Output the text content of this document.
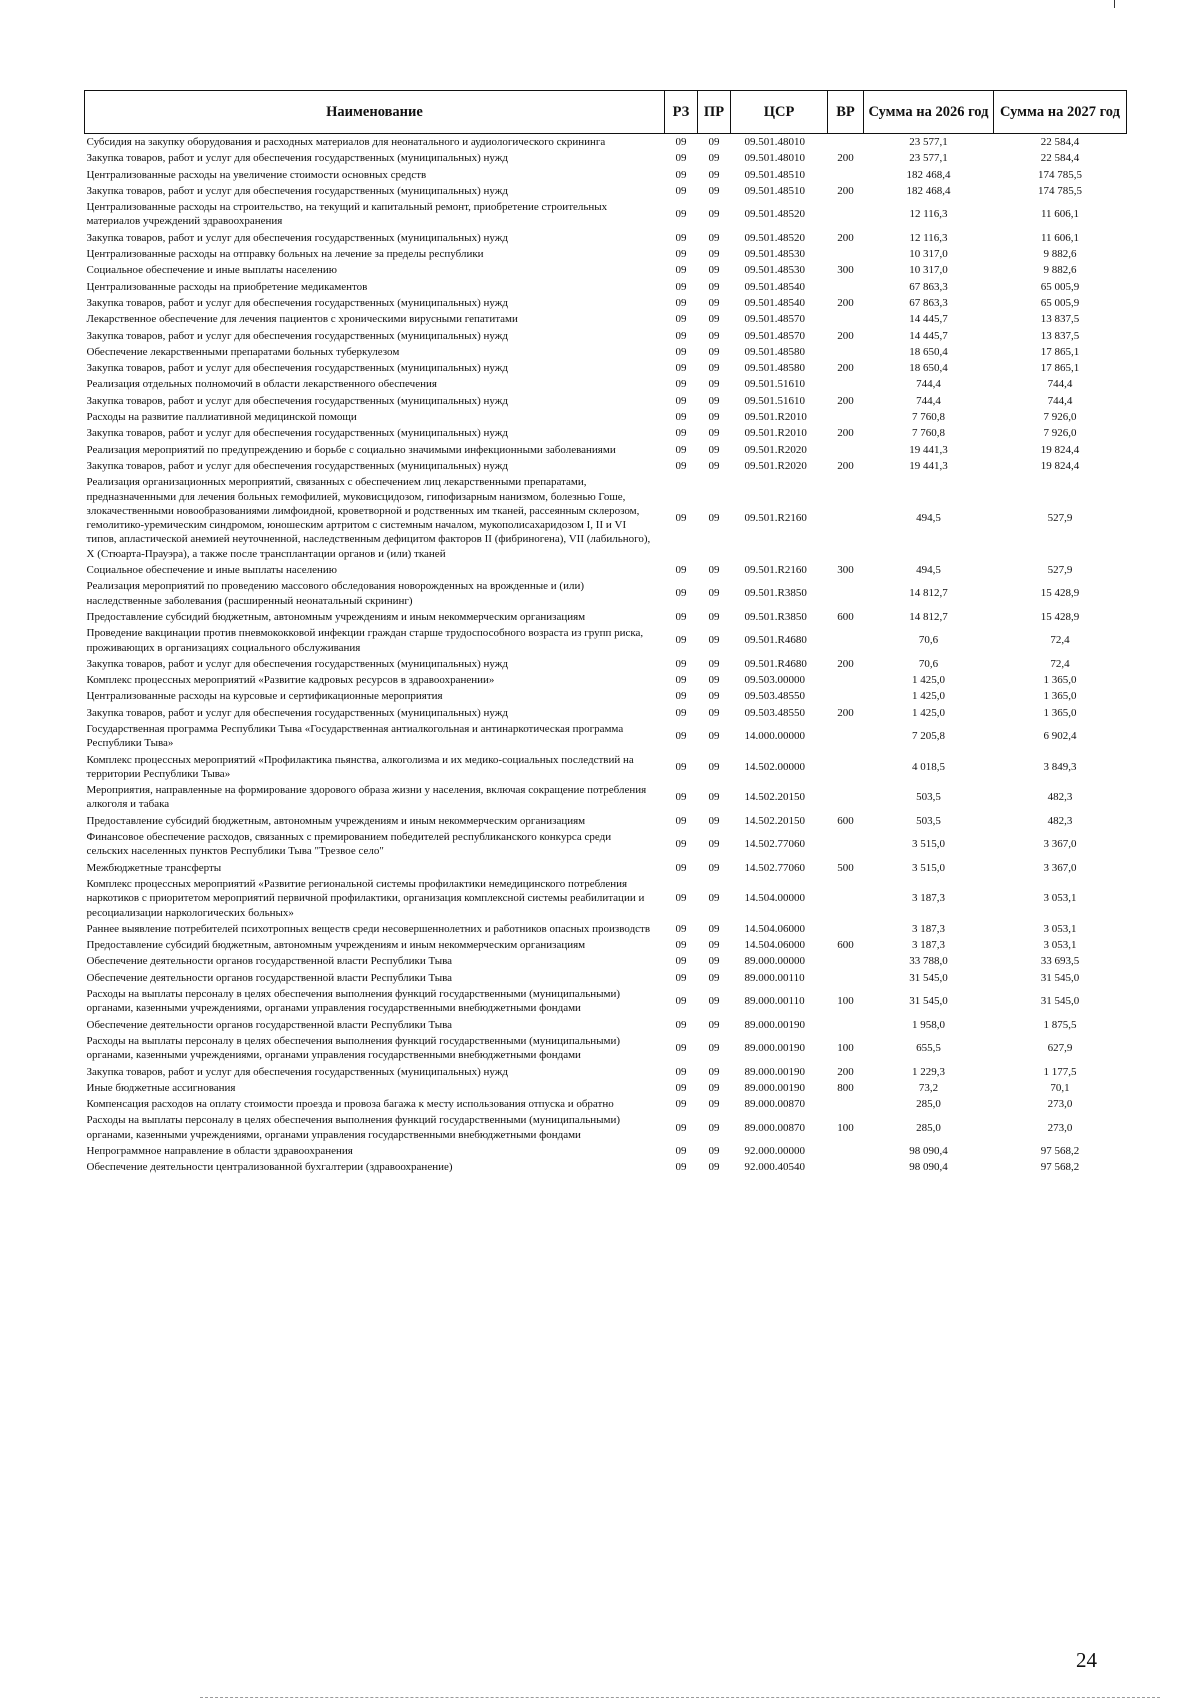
Наименование	РЗ	ПР	ЦСР	ВР	Сумма на 2026 год	Сумма на 2027 год
Субсидия на закупку оборудования и расходных материалов для неонатального и аудиологического скрининга	09	09	09.501.48010		23 577,1	22 584,4
Закупка товаров, работ и услуг для обеспечения государственных (муниципальных) нужд	09	09	09.501.48010	200	23 577,1	22 584,4
Централизованные расходы на увеличение стоимости основных средств	09	09	09.501.48510		182 468,4	174 785,5
Закупка товаров, работ и услуг для обеспечения государственных (муниципальных) нужд	09	09	09.501.48510	200	182 468,4	174 785,5
Централизованные расходы на строительство, на текущий и капитальный ремонт, приобретение строительных материалов учреждений здравоохранения	09	09	09.501.48520		12 116,3	11 606,1
Закупка товаров, работ и услуг для обеспечения государственных (муниципальных) нужд	09	09	09.501.48520	200	12 116,3	11 606,1
Централизованные расходы на отправку больных на лечение за пределы республики	09	09	09.501.48530		10 317,0	9 882,6
Социальное обеспечение и иные выплаты населению	09	09	09.501.48530	300	10 317,0	9 882,6
Централизованные расходы на приобретение медикаментов	09	09	09.501.48540		67 863,3	65 005,9
Закупка товаров, работ и услуг для обеспечения государственных (муниципальных) нужд	09	09	09.501.48540	200	67 863,3	65 005,9
Лекарственное обеспечение для лечения пациентов с хроническими вирусными гепатитами	09	09	09.501.48570		14 445,7	13 837,5
Закупка товаров, работ и услуг для обеспечения государственных (муниципальных) нужд	09	09	09.501.48570	200	14 445,7	13 837,5
Обеспечение лекарственными препаратами больных туберкулезом	09	09	09.501.48580		18 650,4	17 865,1
Закупка товаров, работ и услуг для обеспечения государственных (муниципальных) нужд	09	09	09.501.48580	200	18 650,4	17 865,1
Реализация отдельных полномочий в области лекарственного обеспечения	09	09	09.501.51610		744,4	744,4
Закупка товаров, работ и услуг для обеспечения государственных (муниципальных) нужд	09	09	09.501.51610	200	744,4	744,4
Расходы на развитие паллиативной медицинской помощи	09	09	09.501.R2010		7 760,8	7 926,0
Закупка товаров, работ и услуг для обеспечения государственных (муниципальных) нужд	09	09	09.501.R2010	200	7 760,8	7 926,0
Реализация мероприятий по предупреждению и борьбе с социально значимыми инфекционными заболеваниями	09	09	09.501.R2020		19 441,3	19 824,4
Закупка товаров, работ и услуг для обеспечения государственных (муниципальных) нужд	09	09	09.501.R2020	200	19 441,3	19 824,4
Реализация организационных мероприятий, связанных с обеспечением лиц лекарственными препаратами, предназначенными для лечения больных гемофилией, муковисцидозом, гипофизарным нанизмом, болезнью Гоше, злокачественными новообразованиями лимфоидной, кроветворной и родственных им тканей, рассеянным склерозом, гемолитико-уремическим синдромом, юношеским артритом с системным началом, мукополисахаридозом I, II и VI типов, апластической анемией неуточненной, наследственным дефицитом факторов II (фибриногена), VII (лабильного), X (Стюарта-Прауэра), а также после трансплантации органов и (или) тканей	09	09	09.501.R2160		494,5	527,9
Социальное обеспечение и иные выплаты населению	09	09	09.501.R2160	300	494,5	527,9
Реализация мероприятий по проведению массового обследования новорожденных на врожденные и (или) наследственные заболевания (расширенный неонатальный скрининг)	09	09	09.501.R3850		14 812,7	15 428,9
Предоставление субсидий бюджетным, автономным учреждениям и иным некоммерческим организациям	09	09	09.501.R3850	600	14 812,7	15 428,9
Проведение вакцинации против пневмококковой инфекции граждан старше трудоспособного возраста из групп риска, проживающих в организациях социального обслуживания	09	09	09.501.R4680		70,6	72,4
Закупка товаров, работ и услуг для обеспечения государственных (муниципальных) нужд	09	09	09.501.R4680	200	70,6	72,4
Комплекс процессных мероприятий «Развитие кадровых ресурсов в здравоохранении»	09	09	09.503.00000		1 425,0	1 365,0
Централизованные расходы на курсовые и сертификационные мероприятия	09	09	09.503.48550		1 425,0	1 365,0
Закупка товаров, работ и услуг для обеспечения государственных (муниципальных) нужд	09	09	09.503.48550	200	1 425,0	1 365,0
Государственная программа Республики Тыва «Государственная антиалкогольная и антинаркотическая программа Республики Тыва»	09	09	14.000.00000		7 205,8	6 902,4
Комплекс процессных мероприятий «Профилактика пьянства, алкоголизма и их медико-социальных последствий на территории Республики Тыва»	09	09	14.502.00000		4 018,5	3 849,3
Мероприятия, направленные на формирование здорового образа жизни у населения, включая сокращение потребления алкоголя и табака	09	09	14.502.20150		503,5	482,3
Предоставление субсидий бюджетным, автономным учреждениям и иным некоммерческим организациям	09	09	14.502.20150	600	503,5	482,3
Финансовое обеспечение расходов, связанных с премированием победителей республиканского конкурса среди сельских населенных пунктов Республики Тыва "Трезвое село"	09	09	14.502.77060		3 515,0	3 367,0
Межбюджетные трансферты	09	09	14.502.77060	500	3 515,0	3 367,0
Комплекс процессных мероприятий «Развитие региональной системы профилактики немедицинского потребления наркотиков с приоритетом мероприятий первичной профилактики, организация комплексной системы реабилитации и ресоциализации наркологических больных»	09	09	14.504.00000		3 187,3	3 053,1
Раннее выявление потребителей психотропных веществ среди несовершеннолетних и работников опасных производств	09	09	14.504.06000		3 187,3	3 053,1
Предоставление субсидий бюджетным, автономным учреждениям и иным некоммерческим организациям	09	09	14.504.06000	600	3 187,3	3 053,1
Обеспечение деятельности органов государственной власти Республики Тыва	09	09	89.000.00000		33 788,0	33 693,5
Обеспечение деятельности органов государственной власти Республики Тыва	09	09	89.000.00110		31 545,0	31 545,0
Расходы на выплаты персоналу в целях обеспечения выполнения функций государственными (муниципальными) органами, казенными учреждениями, органами управления государственными внебюджетными фондами	09	09	89.000.00110	100	31 545,0	31 545,0
Обеспечение деятельности органов государственной власти Республики Тыва	09	09	89.000.00190		1 958,0	1 875,5
Расходы на выплаты персоналу в целях обеспечения выполнения функций государственными (муниципальными) органами, казенными учреждениями, органами управления государственными внебюджетными фондами	09	09	89.000.00190	100	655,5	627,9
Закупка товаров, работ и услуг для обеспечения государственных (муниципальных) нужд	09	09	89.000.00190	200	1 229,3	1 177,5
Иные бюджетные ассигнования	09	09	89.000.00190	800	73,2	70,1
Компенсация расходов на оплату стоимости проезда и провоза багажа к месту использования отпуска и обратно	09	09	89.000.00870		285,0	273,0
Расходы на выплаты персоналу в целях обеспечения выполнения функций государственными (муниципальными) органами, казенными учреждениями, органами управления государственными внебюджетными фондами	09	09	89.000.00870	100	285,0	273,0
Непрограммное направление в области здравоохранения	09	09	92.000.00000		98 090,4	97 568,2
Обеспечение деятельности централизованной бухгалтерии (здравоохранение)	09	09	92.000.40540		98 090,4	97 568,2
24
